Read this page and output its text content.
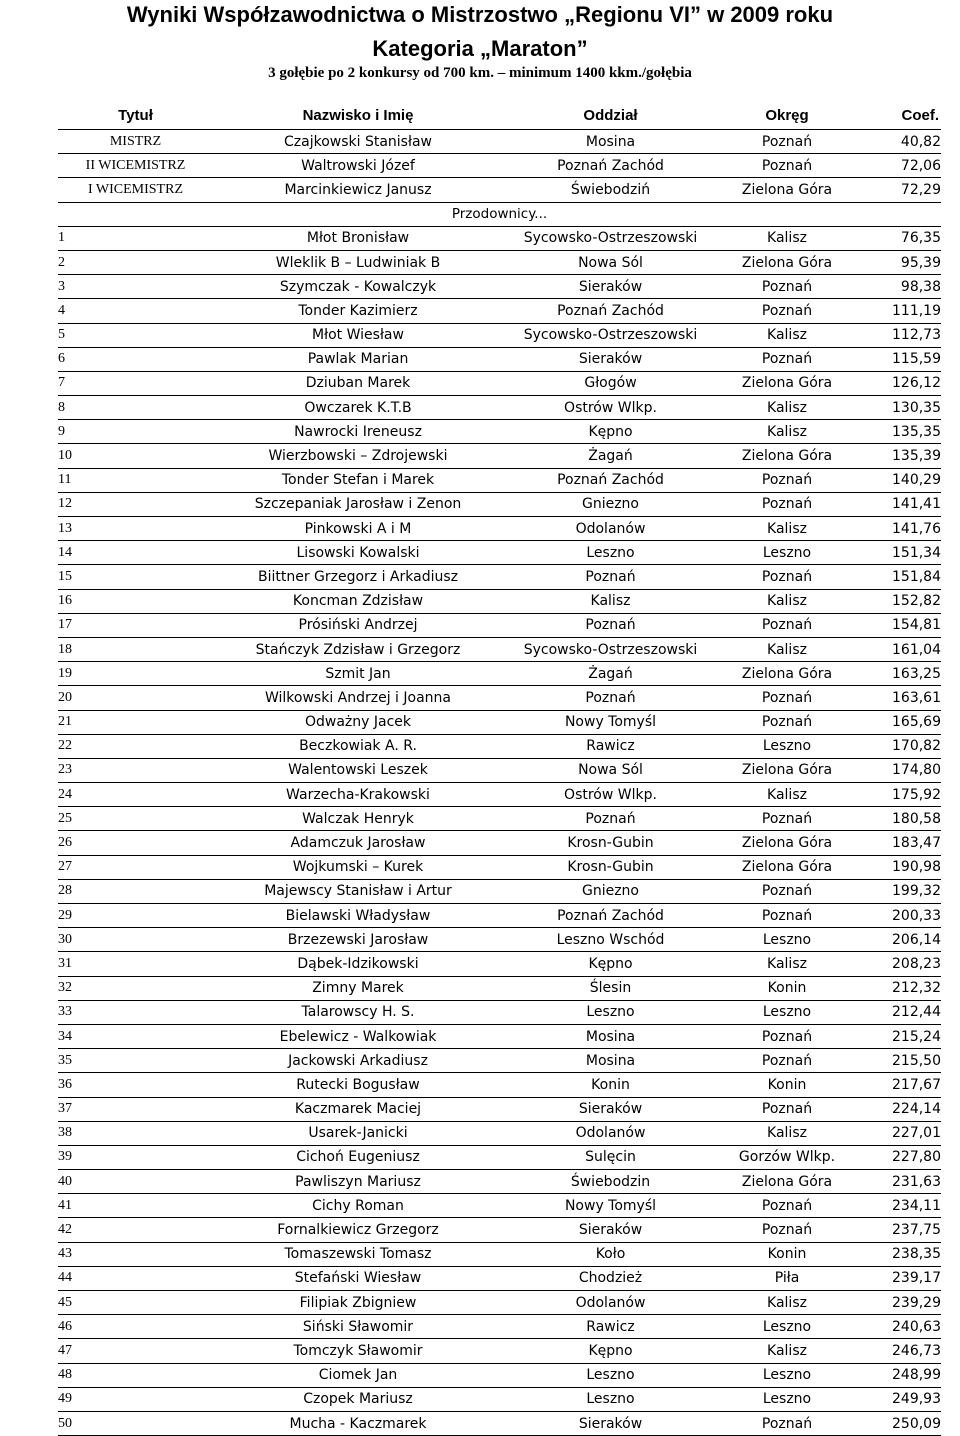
Wyniki Współzawodnictwa o Mistrzostwo „Regionu VI” w 2009 roku
Kategoria „Maraton”
3 gołębie po 2 konkursy od 700 km. – minimum 1400 kkm./gołębia
Tytuł	Nazwisko i Imię	Oddział	Okręg	Coef.
MISTRZ	Czajkowski Stanisław	Mosina	Poznań	40,82
II WICEMISTRZ	Waltrowski Józef	Poznań Zachód	Poznań	72,06
I WICEMISTRZ	Marcinkiewicz Janusz	Świebodziń	Zielona Góra	72,29
Przodownicy...				
1	Młot Bronisław	Sycowsko-Ostrzeszowski	Kalisz	76,35
2	Wleklik B – Ludwiniak B	Nowa Sól	Zielona Góra	95,39
3	Szymczak - Kowalczyk	Sieraków	Poznań	98,38
4	Tonder Kazimierz	Poznań Zachód	Poznań	111,19
5	Młot Wiesław	Sycowsko-Ostrzeszowski	Kalisz	112,73
6	Pawlak Marian	Sieraków	Poznań	115,59
7	Dziuban Marek	Głogów	Zielona Góra	126,12
8	Owczarek K.T.B	Ostrów Wlkp.	Kalisz	130,35
9	Nawrocki Ireneusz	Kępno	Kalisz	135,35
10	Wierzbowski – Zdrojewski	Żagań	Zielona Góra	135,39
11	Tonder Stefan i Marek	Poznań Zachód	Poznań	140,29
12	Szczepaniak Jarosław i Zenon	Gniezno	Poznań	141,41
13	Pinkowski A i M	Odolanów	Kalisz	141,76
14	Lisowski Kowalski	Leszno	Leszno	151,34
15	Biittner Grzegorz i Arkadiusz	Poznań	Poznań	151,84
16	Koncman Zdzisław	Kalisz	Kalisz	152,82
17	Prósiński Andrzej	Poznań	Poznań	154,81
18	Stańczyk Zdzisław i Grzegorz	Sycowsko-Ostrzeszowski	Kalisz	161,04
19	Szmit Jan	Żagań	Zielona Góra	163,25
20	Wilkowski Andrzej i Joanna	Poznań	Poznań	163,61
21	Odważny Jacek	Nowy Tomyśl	Poznań	165,69
22	Beczkowiak A. R.	Rawicz	Leszno	170,82
23	Walentowski Leszek	Nowa Sól	Zielona Góra	174,80
24	Warzecha-Krakowski	Ostrów Wlkp.	Kalisz	175,92
25	Walczak Henryk	Poznań	Poznań	180,58
26	Adamczuk Jarosław	Krosn-Gubin	Zielona Góra	183,47
27	Wojkumski – Kurek	Krosn-Gubin	Zielona Góra	190,98
28	Majewscy Stanisław i Artur	Gniezno	Poznań	199,32
29	Bielawski Władysław	Poznań Zachód	Poznań	200,33
30	Brzezewski Jarosław	Leszno Wschód	Leszno	206,14
31	Dąbek-Idzikowski	Kępno	Kalisz	208,23
32	Zimny Marek	Ślesin	Konin	212,32
33	Talarowscy H. S.	Leszno	Leszno	212,44
34	Ebelewicz - Walkowiak	Mosina	Poznań	215,24
35	Jackowski Arkadiusz	Mosina	Poznań	215,50
36	Rutecki Bogusław	Konin	Konin	217,67
37	Kaczmarek Maciej	Sieraków	Poznań	224,14
38	Usarek-Janicki	Odolanów	Kalisz	227,01
39	Cichoń Eugeniusz	Sulęcin	Gorzów Wlkp.	227,80
40	Pawliszyn Mariusz	Świebodzin	Zielona Góra	231,63
41	Cichy Roman	Nowy Tomyśl	Poznań	234,11
42	Fornalkiewicz Grzegorz	Sieraków	Poznań	237,75
43	Tomaszewski Tomasz	Koło	Konin	238,35
44	Stefański Wiesław	Chodzież	Piła	239,17
45	Filipiak Zbigniew	Odolanów	Kalisz	239,29
46	Siński Sławomir	Rawicz	Leszno	240,63
47	Tomczyk Sławomir	Kępno	Kalisz	246,73
48	Ciomek Jan	Leszno	Leszno	248,99
49	Czopek Mariusz	Leszno	Leszno	249,93
50	Mucha - Kaczmarek	Sieraków	Poznań	250,09
